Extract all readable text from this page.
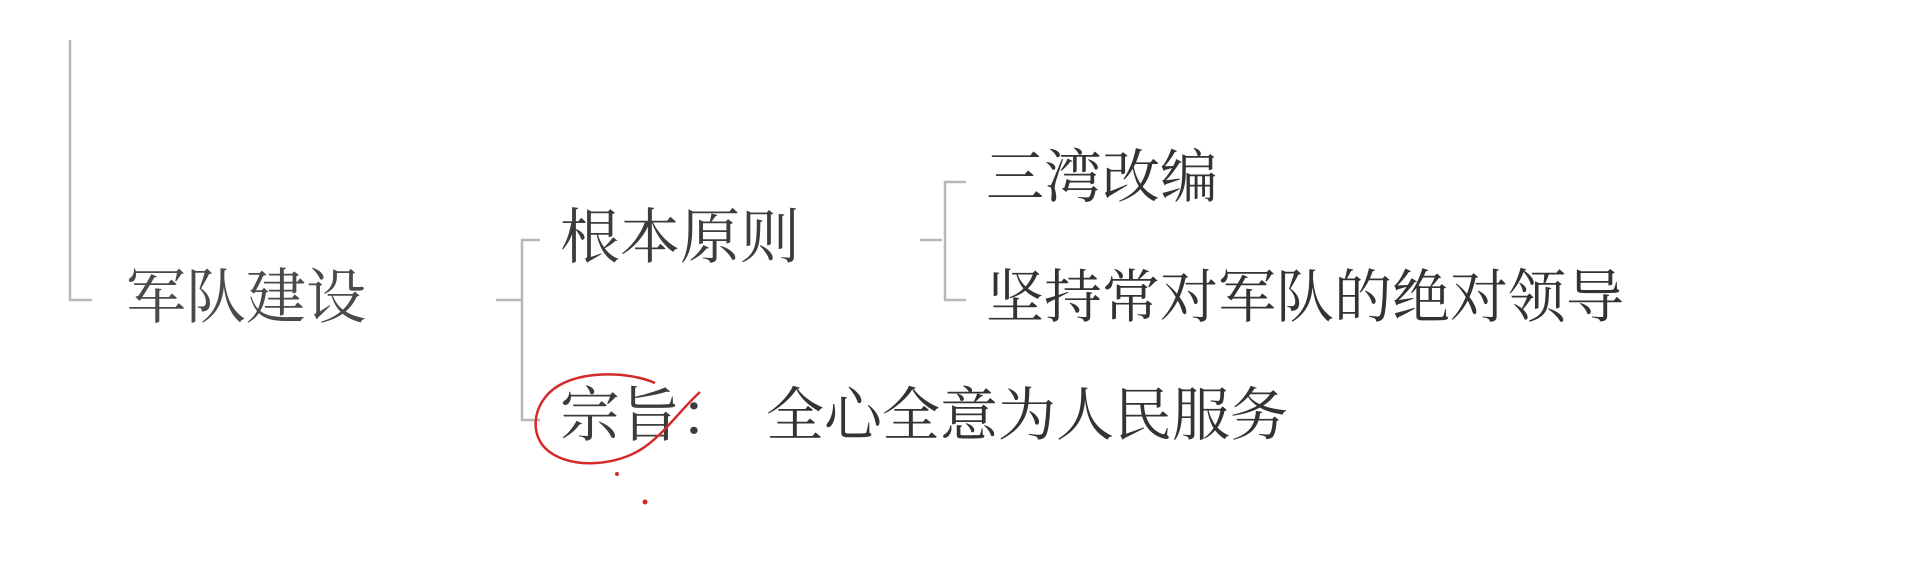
军队建设
根本原则
宗旨：
三湾改编
坚持常对军队的绝对领导
全心全意为人民服务
